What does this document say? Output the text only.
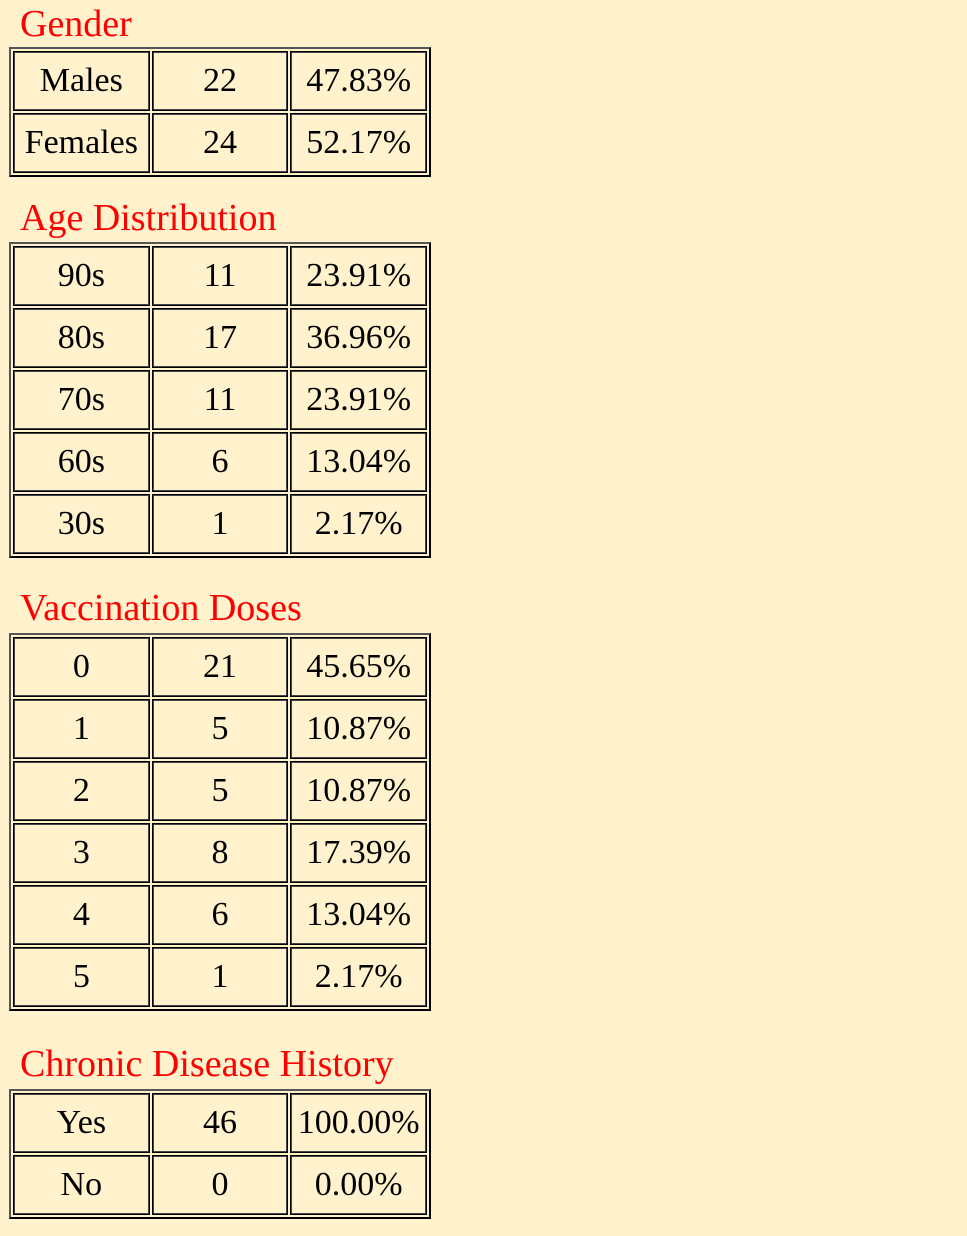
Gender
Males	22	47.83%
Females	24	52.17%
Age Distribution
90s	11	23.91%
80s	17	36.96%
70s	11	23.91%
60s	6	13.04%
30s	1	2.17%
Vaccination Doses
0	21	45.65%
1	5	10.87%
2	5	10.87%
3	8	17.39%
4	6	13.04%
5	1	2.17%
Chronic Disease History
Yes	46	100.00%
No	0	0.00%
